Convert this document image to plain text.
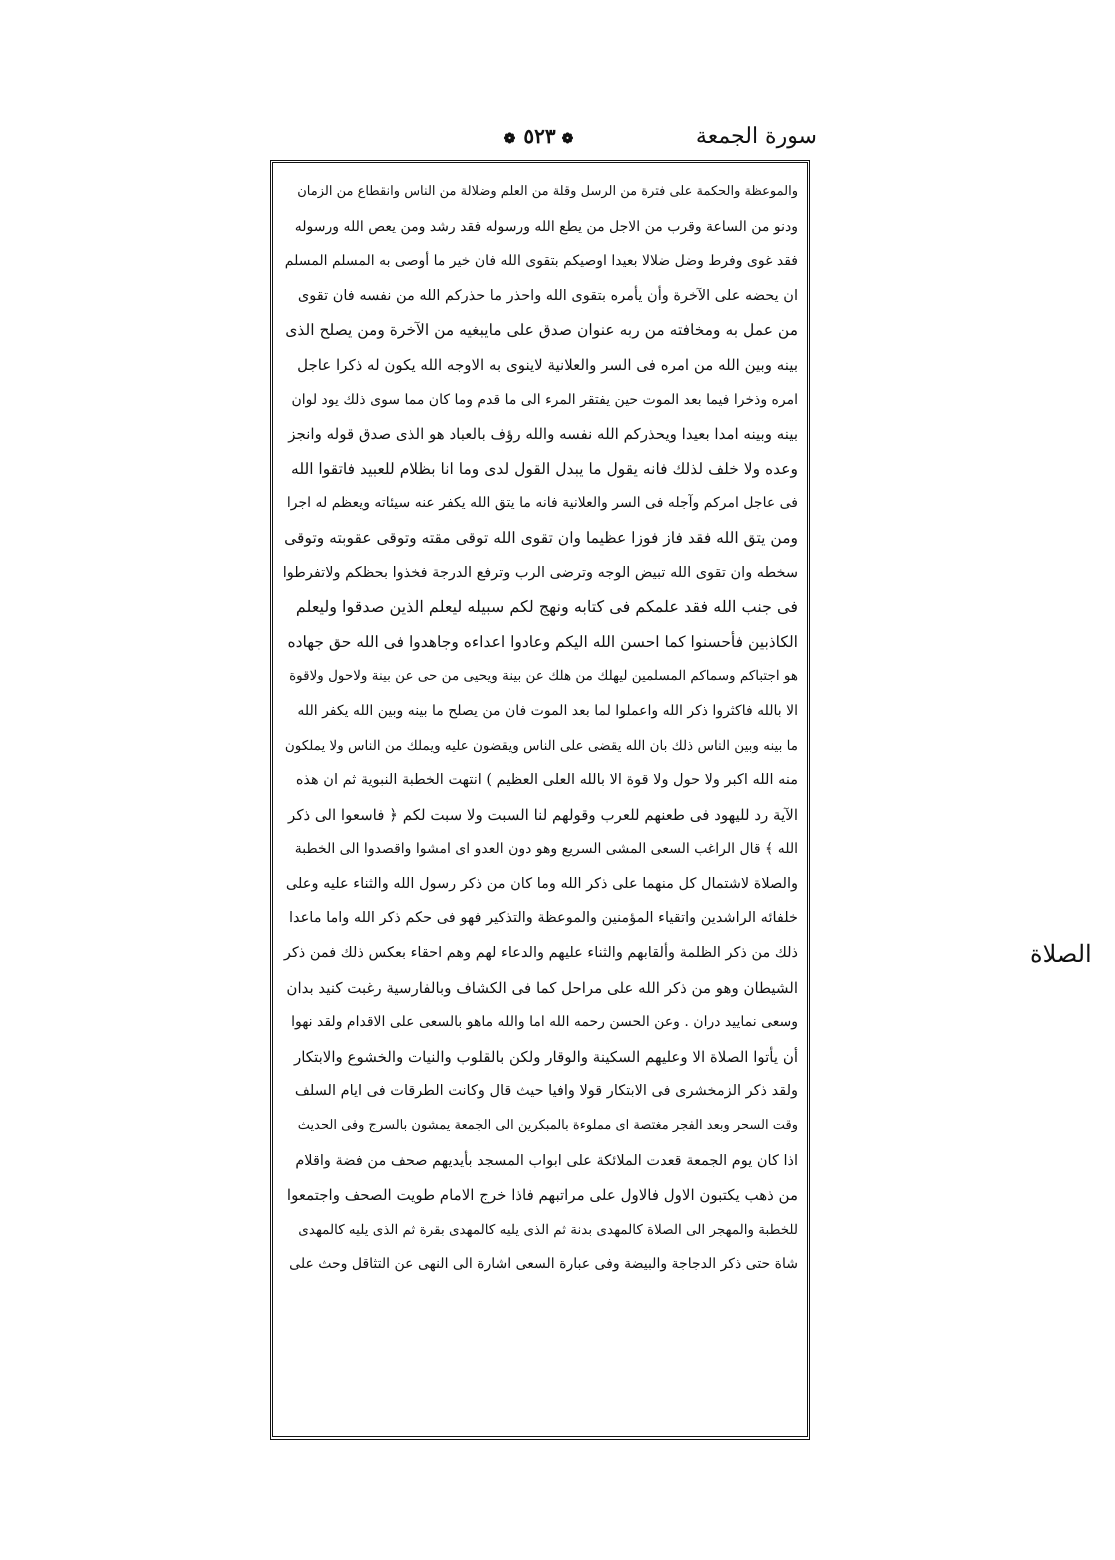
❁ ٥٢٣ ❁	سورة الجمعة
والموعظة والحكمة على فترة من الرسل وقلة من العلم وضلالة من الناس وانقطاع من الزمان
ودنو من الساعة وقرب من الاجل من يطع الله ورسوله فقد رشد ومن يعص الله ورسوله
فقد غوى وفرط وضل ضلالا بعيدا اوصيكم بتقوى الله فان خير ما أوصى به المسلم المسلم
ان يحضه على الآخرة وأن يأمره بتقوى الله واحذر ما حذركم الله من نفسه فان تقوى
من عمل به ومخافته من ربه عنوان صدق على مايبغيه من الآخرة ومن يصلح الذى
بينه وبين الله من امره فى السر والعلانية لاينوى به الاوجه الله يكون له ذكرا عاجل
امره وذخرا فيما بعد الموت حين يفتقر المرء الى ما قدم وما كان مما سوى ذلك يود لوان
بينه وبينه امدا بعيدا ويحذركم الله نفسه والله رؤف بالعباد هو الذى صدق قوله وانجز
وعده ولا خلف لذلك فانه يقول ما يبدل القول لدى وما انا بظلام للعبيد فاتقوا الله
فى عاجل امركم وآجله فى السر والعلانية فانه ما يتق الله يكفر عنه سيئاته ويعظم له اجرا
ومن يتق الله فقد فاز فوزا عظيما وان تقوى الله توقى مقته وتوقى عقوبته وتوقى
سخطه وان تقوى الله تبيض الوجه وترضى الرب وترفع الدرجة فخذوا بحظكم ولاتفرطوا
فى جنب الله فقد علمكم فى كتابه ونهج لكم سبيله ليعلم الذين صدقوا وليعلم
الكاذبين فأحسنوا كما احسن الله اليكم وعادوا اعداءه وجاهدوا فى الله حق جهاده
هو اجتباكم وسماكم المسلمين ليهلك من هلك عن بينة ويحيى من حى عن بينة ولاحول ولاقوة
الا بالله فاكثروا ذكر الله واعملوا لما بعد الموت فان من يصلح ما بينه وبين الله يكفر الله
ما بينه وبين الناس ذلك بان الله يقضى على الناس ويقضون عليه ويملك من الناس ولا يملكون
منه الله اكبر ولا حول ولا قوة الا بالله العلى العظيم ) انتهت الخطبة النبوية ثم ان هذه
الآية رد لليهود فى طعنهم للعرب وقولهم لنا السبت ولا سبت لكم ﴿ فاسعوا الى ذكر
الله ﴾ قال الراغب السعى المشى السريع وهو دون العدو اى امشوا واقصدوا الى الخطبة
والصلاة لاشتمال كل منهما على ذكر الله وما كان من ذكر رسول الله والثناء عليه وعلى
خلفائه الراشدين واتقياء المؤمنين والموعظة والتذكير فهو فى حكم ذكر الله واما ماعدا
ذلك من ذكر الظلمة وألقابهم والثناء عليهم والدعاء لهم وهم احقاء بعكس ذلك فمن ذكر
الشيطان وهو من ذكر الله على مراحل كما فى الكشاف وبالفارسية رغبت كنيد بدان
وسعى نماييد دران . وعن الحسن رحمه الله اما والله ماهو بالسعى على الاقدام ولقد نهوا
أن يأتوا الصلاة الا وعليهم السكينة والوقار ولكن بالقلوب والنيات والخشوع والابتكار
ولقد ذكر الزمخشرى فى الابتكار قولا وافيا حيث قال وكانت الطرقات فى ايام السلف
وقت السحر وبعد الفجر مغتصة اى مملوءة بالمبكرين الى الجمعة يمشون بالسرج وفى الحديث
اذا كان يوم الجمعة قعدت الملائكة على ابواب المسجد بأيديهم صحف من فضة واقلام
من ذهب يكتبون الاول فالاول على مراتبهم فاذا خرج الامام طويت الصحف واجتمعوا
للخطبة والمهجر الى الصلاة كالمهدى بدنة ثم الذى يليه كالمهدى بقرة ثم الذى يليه كالمهدى
شاة حتى ذكر الدجاجة والبيضة وفى عبارة السعى اشارة الى النهى عن التثاقل وحث على
الصلاة
